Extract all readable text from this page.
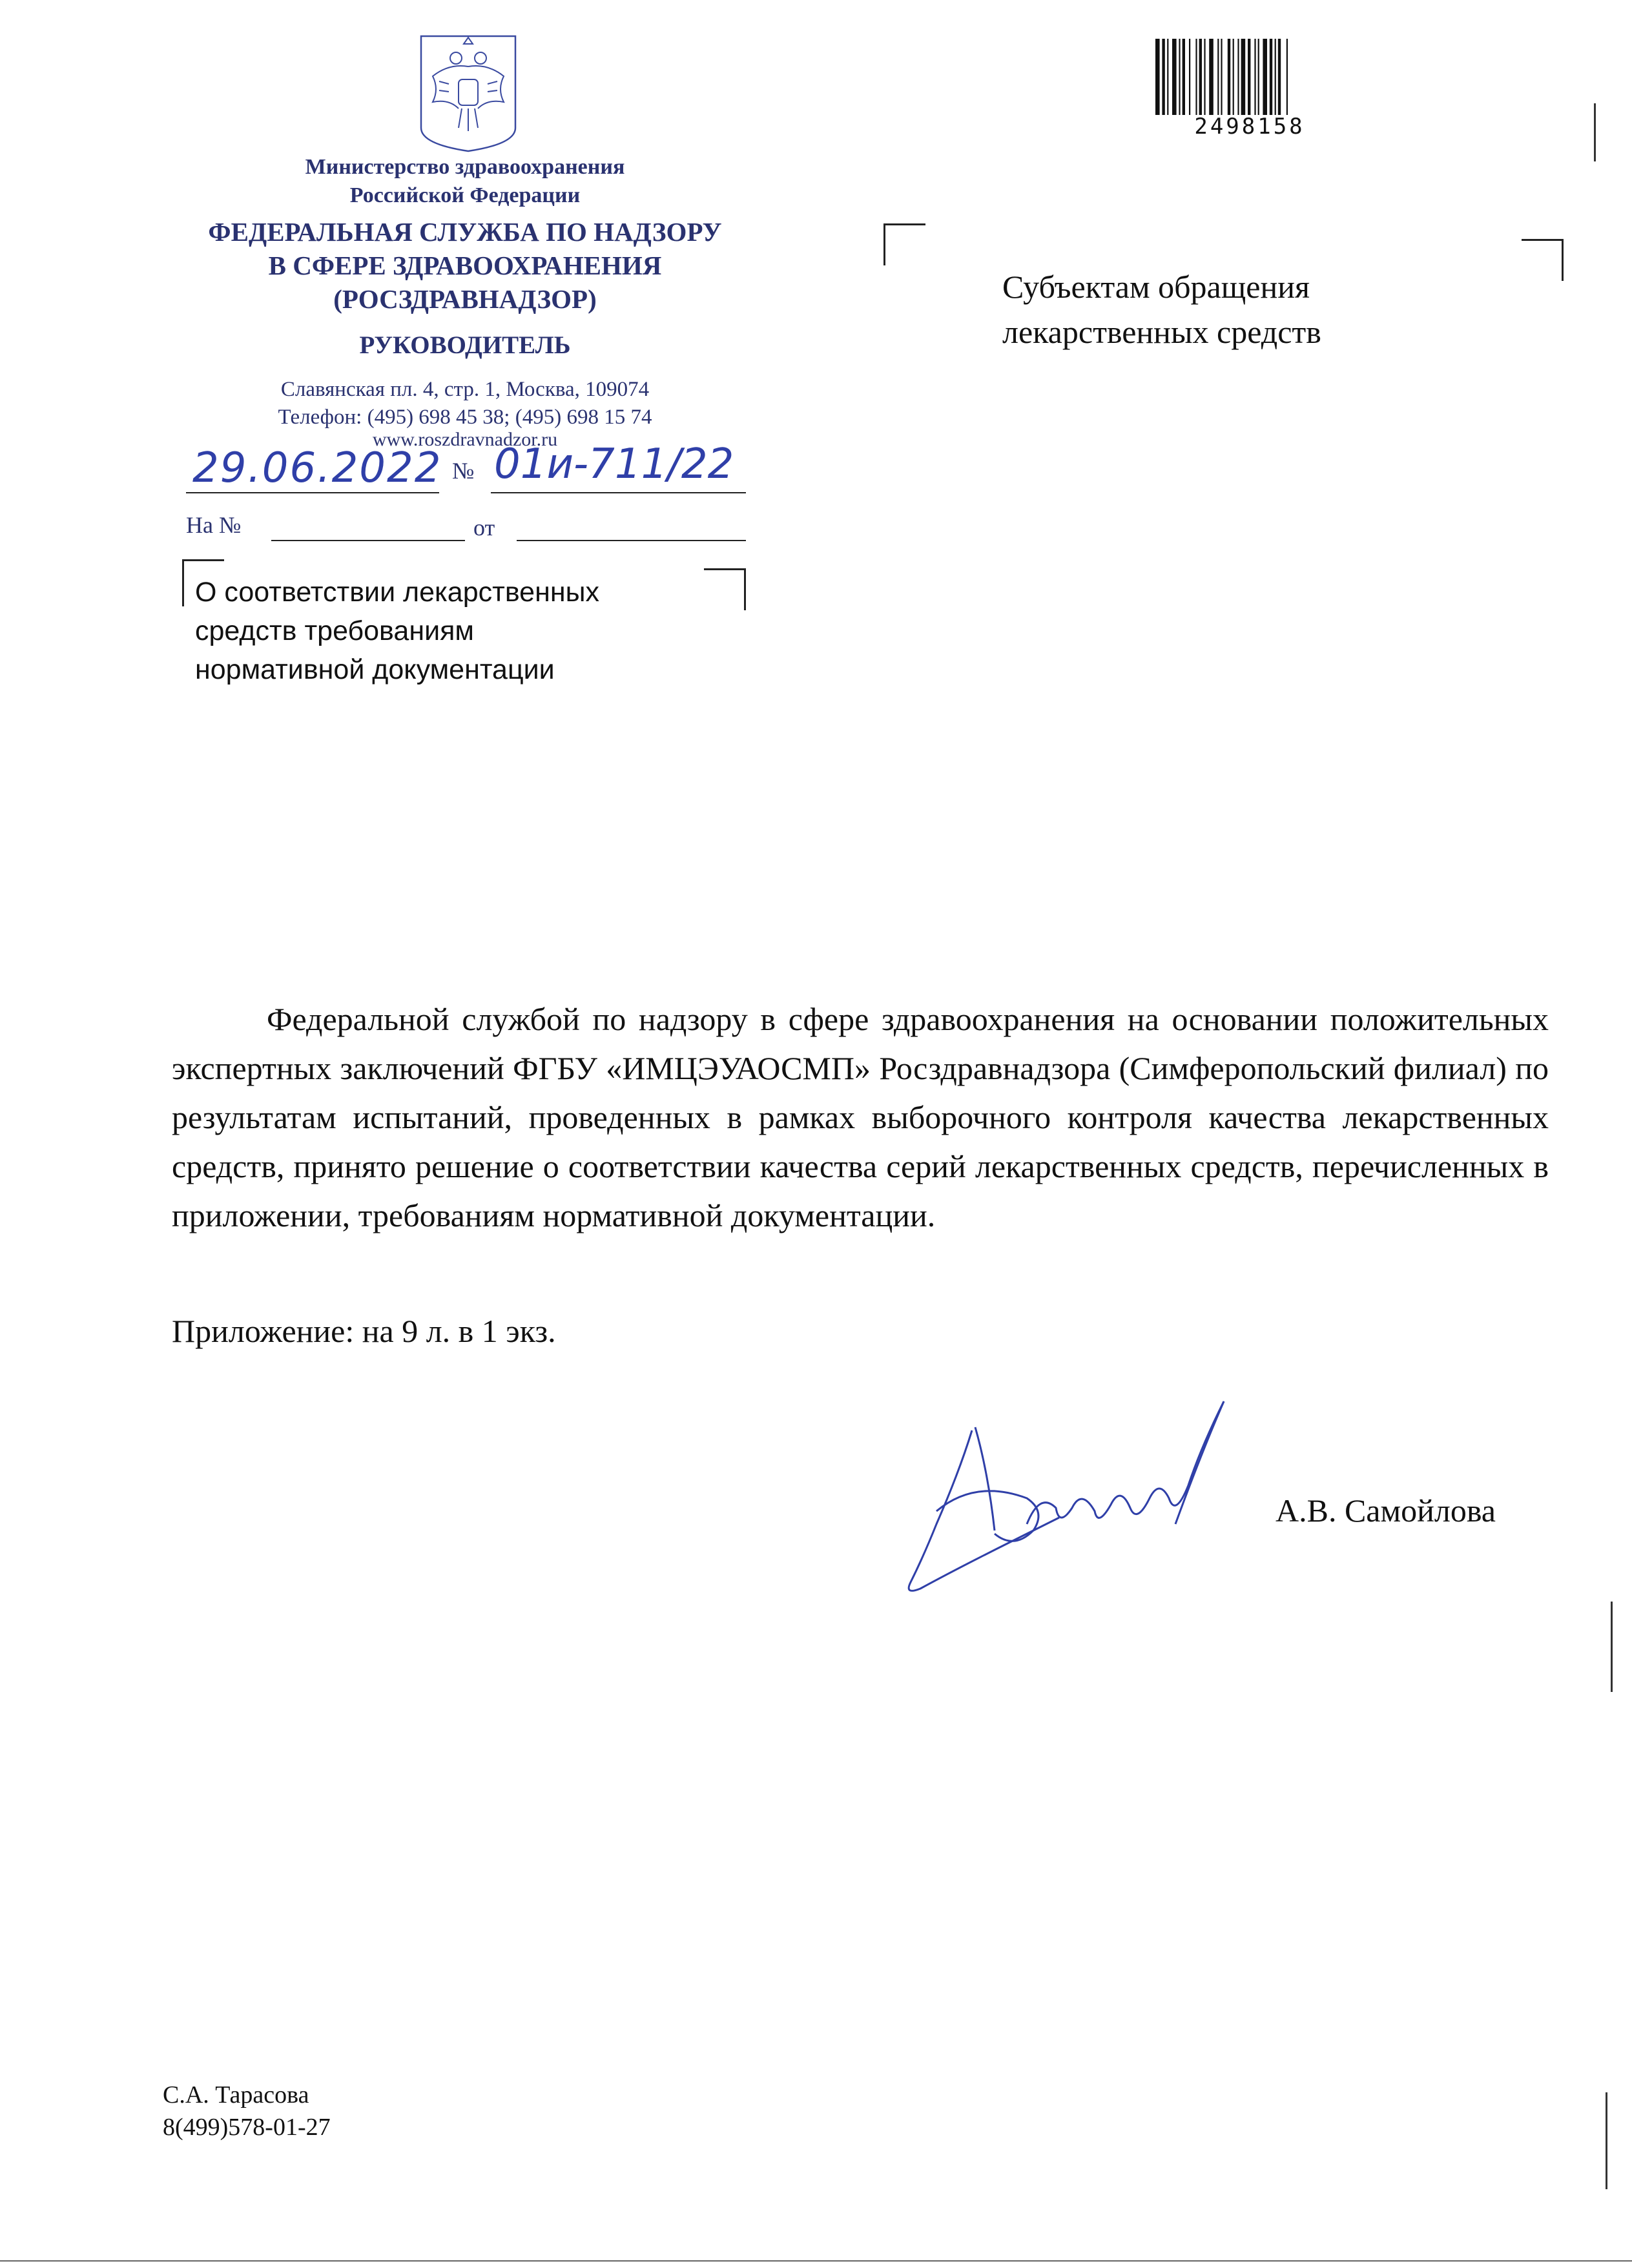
Министерство здравоохранения
Российской Федерации
ФЕДЕРАЛЬНАЯ СЛУЖБА ПО НАДЗОРУ
В СФЕРЕ ЗДРАВООХРАНЕНИЯ
(РОСЗДРАВНАДЗОР)
РУКОВОДИТЕЛЬ
Славянская пл. 4, стр. 1, Москва, 109074
Телефон: (495) 698 45 38; (495) 698 15 74
www.roszdravnadzor.ru
29.06.2022 № 01и-711/22
На №	от
О соответствии лекарственных
средств требованиям
нормативной документации
Субъектам обращения
лекарственных средств
2498158
Федеральной службой по надзору в сфере здравоохранения на основании положительных экспертных заключений ФГБУ «ИМЦЭУАОСМП» Росздравнадзора (Симферопольский филиал) по результатам испытаний, проведенных в рамках выборочного контроля качества лекарственных средств, принято решение о соответствии качества серий лекарственных средств, перечисленных в приложении, требованиям нормативной документации.
Приложение: на 9 л. в 1 экз.
А.В. Самойлова
С.А. Тарасова
8(499)578-01-27
